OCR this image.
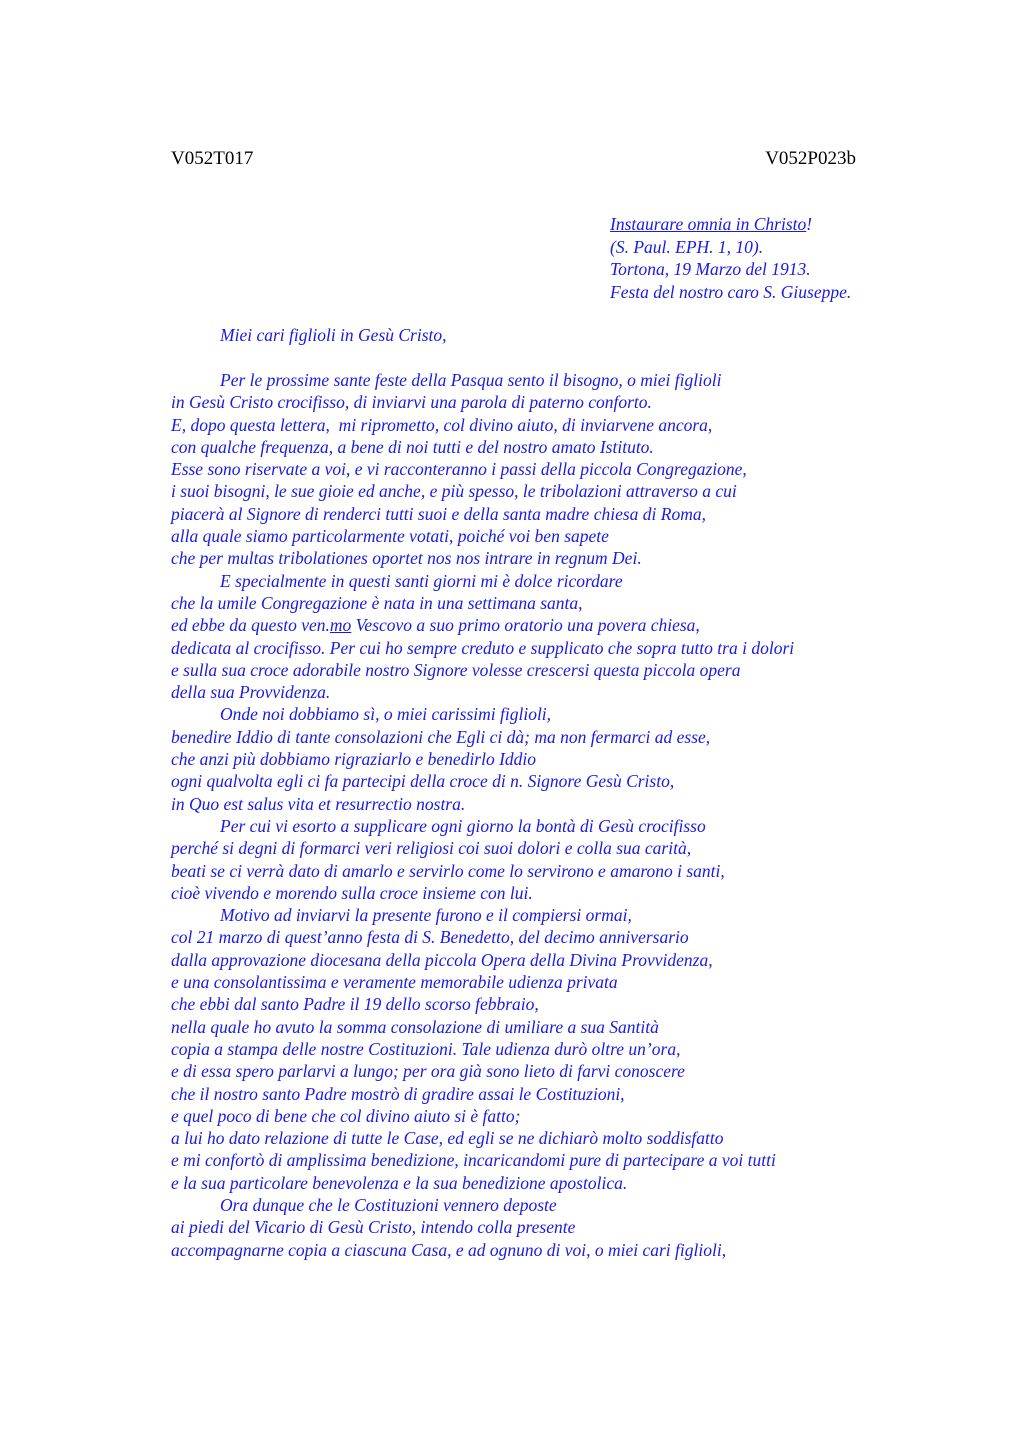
V052T017	V052P023b
Instaurare omnia in Christo!
(S. Paul. EPH. 1, 10).
Tortona, 19 Marzo del 1913.
Festa del nostro caro S. Giuseppe.
Miei cari figlioli in Gesù Cristo,
Per le prossime sante feste della Pasqua sento il bisogno, o miei figlioli
in Gesù Cristo crocifisso, di inviarvi una parola di paterno conforto.
E, dopo questa lettera,  mi riprometto, col divino aiuto, di inviarvene ancora,
con qualche frequenza, a bene di noi tutti e del nostro amato Istituto.
Esse sono riservate a voi, e vi racconteranno i passi della piccola Congregazione,
i suoi bisogni, le sue gioie ed anche, e più spesso, le tribolazioni attraverso a cui
piacerà al Signore di renderci tutti suoi e della santa madre chiesa di Roma,
alla quale siamo particolarmente votati, poiché voi ben sapete
che per multas tribolationes oportet nos nos intrare in regnum Dei.
E specialmente in questi santi giorni mi è dolce ricordare
che la umile Congregazione è nata in una settimana santa,
ed ebbe da questo ven.mo Vescovo a suo primo oratorio una povera chiesa,
dedicata al crocifisso. Per cui ho sempre creduto e supplicato che sopra tutto tra i dolori
e sulla sua croce adorabile nostro Signore volesse crescersi questa piccola opera
della sua Provvidenza.
Onde noi dobbiamo sì, o miei carissimi figlioli,
benedire Iddio di tante consolazioni che Egli ci dà; ma non fermarci ad esse,
che anzi più dobbiamo rigraziarlo e benedirlo Iddio
ogni qualvolta egli ci fa partecipi della croce di n. Signore Gesù Cristo,
in Quo est salus vita et resurrectio nostra.
Per cui vi esorto a supplicare ogni giorno la bontà di Gesù crocifisso
perché si degni di formarci veri religiosi coi suoi dolori e colla sua carità,
beati se ci verrà dato di amarlo e servirlo come lo servirono e amarono i santi,
cioè vivendo e morendo sulla croce insieme con lui.
Motivo ad inviarvi la presente furono e il compiersi ormai,
col 21 marzo di quest’anno festa di S. Benedetto, del decimo anniversario
dalla approvazione diocesana della piccola Opera della Divina Provvidenza,
e una consolantissima e veramente memorabile udienza privata
che ebbi dal santo Padre il 19 dello scorso febbraio,
nella quale ho avuto la somma consolazione di umiliare a sua Santità
copia a stampa delle nostre Costituzioni. Tale udienza durò oltre un’ora,
e di essa spero parlarvi a lungo; per ora già sono lieto di farvi conoscere
che il nostro santo Padre mostrò di gradire assai le Costituzioni,
e quel poco di bene che col divino aiuto si è fatto;
a lui ho dato relazione di tutte le Case, ed egli se ne dichiarò molto soddisfatto
e mi confortò di amplissima benedizione, incaricandomi pure di partecipare a voi tutti
e la sua particolare benevolenza e la sua benedizione apostolica.
Ora dunque che le Costituzioni vennero deposte
ai piedi del Vicario di Gesù Cristo, intendo colla presente
accompagnarne copia a ciascuna Casa, e ad ognuno di voi, o miei cari figlioli,
